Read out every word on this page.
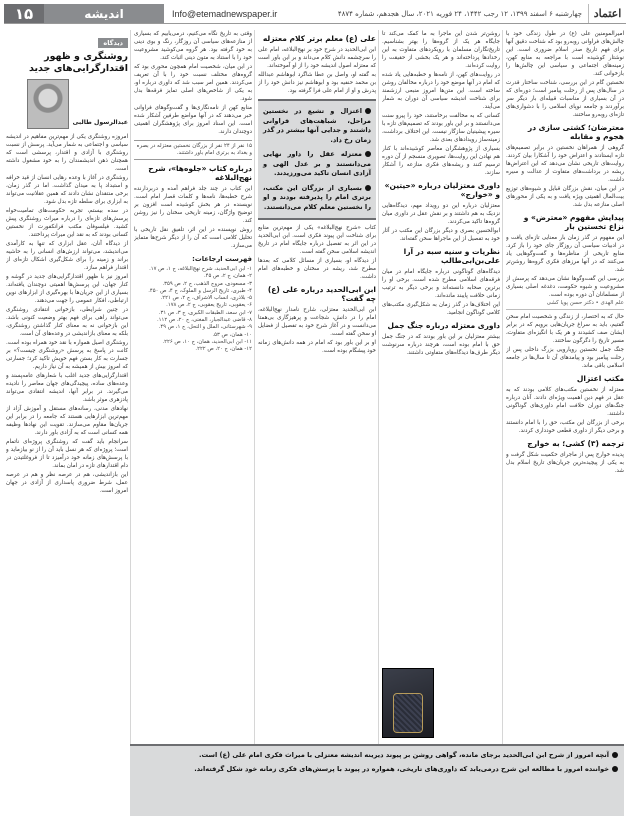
اعتماد
چهارشنبه ۶ اسفند ۱۳۹۹، ۱۲ رجب ۱۴۴۲، ۲۴ فوریه ۲۰۲۱، سال هجدهم، شماره ۴۸۷۴
Info@etemadnewspaper.ir
اندیشه
۱۵

امیرالمومنین علی (ع) در طول زندگی خود با چالش‌های فراوانی روبه‌رو بود که شناخت دقیق آنها برای فهم تاریخ صدر اسلام ضروری است. این نوشتار کوشیده است با مراجعه به منابع کهن، زمینه‌های اجتماعی و سیاسی این چالش‌ها را بازخوانی کند.

نخستین گام در این بررسی، شناخت ساختار قدرت در سال‌های پس از رحلت پیامبر است؛ دوره‌ای که در آن بسیاری از مناسبات قبیله‌ای بار دیگر سر برآوردند و جامعه نوپای اسلامی را با دشواری‌های تازه‌ای روبه‌رو ساختند.

معترضان؛ کشتی سازی در هجوم و مقابله

گروهی از همراهان نخستین در برابر تصمیم‌های تازه ایستادند و اعتراض خود را آشکارا بیان کردند. روایت‌های تاریخی نشان می‌دهد که این اعتراض‌ها ریشه در برداشت‌های متفاوت از عدالت و سیره داشت.

در این میان، نقش بزرگان قبایل و شیوه‌های توزیع بیت‌المال اهمیتی ویژه یافت و به یکی از محورهای اصلی منازعه بدل شد.

پیدایش مفهوم «معترض» و نزاع تخستین بار

این مفهوم در گذر زمان بار معنایی تازه‌ای یافت و در ادبیات سیاسی آن روزگار جای خود را باز کرد. منابع تاریخی از مناظره‌ها و گفت‌وگوهایی یاد می‌کنند که در آنها مرزهای فکری گروه‌ها روشن‌تر شد.

بررسی این گفت‌وگوها نشان می‌دهد که پرسش از مشروعیت و شیوه حکومت، دغدغه اصلی بسیاری از مسلمانان آن دوره بوده است.

علم الهدی • دکتر حسن پویا کشی

حال که به اختصار، از زندگی و شخصیت امام سخن گفتیم، باید به سراغ جریان‌هایی برویم که در برابر ایشان صف کشیدند و هر یک با انگیزه‌ای متفاوت، مسیر تاریخ را دگرگون ساختند.

جنگ جمل نخستین رویارویی بزرگ داخلی پس از رحلت پیامبر بود و پیامدهای آن تا سال‌ها در جامعه اسلامی باقی ماند.

مکتب اعتزال

معتزله از نخستین مکتب‌های کلامی بودند که به عقل در فهم دین اهمیت ویژه‌ای دادند. آنان درباره جنگ‌های دوران خلافت امام داوری‌های گوناگونی داشتند.

برخی از بزرگان این مکتب، حق را با امام دانستند و برخی دیگر از داوری قطعی خودداری کردند.

ترجمه (۳) کشی؛ به خوارج

پدیده خوارج پس از ماجرای حکمیت شکل گرفت و به یکی از پیچیده‌ترین جریان‌های تاریخ اسلام بدل شد.

روشن‌تر شدن این ماجرا به ما کمک می‌کند تا جایگاه هر یک از گروه‌ها را بهتر بشناسیم. تاریخ‌نگاران مسلمان با رویکردهای متفاوت به این رخدادها پرداخته‌اند و هر یک بخشی از حقیقت را روایت کرده‌اند.

در روایت‌های کهن، از نامه‌ها و خطبه‌هایی یاد شده که امام در آنها موضع خود را درباره مخالفان روشن ساخته است. این متن‌ها امروز منبعی ارزشمند برای شناخت اندیشه سیاسی آن دوران به شمار می‌آیند.

کسانی که به مخالفت برخاستند، خود را پیرو سنت می‌دانستند و بر این باور بودند که تصمیم‌های تازه با سیره پیشینیان سازگار نیست. این اختلاف برداشت، زمینه‌ساز رویدادهای بعدی شد.

بسیاری از پژوهشگران معاصر کوشیده‌اند با کنار هم نهادن این روایت‌ها، تصویری منسجم از آن دوره ترسیم کنند و ریشه‌های فکری منازعه را آشکار سازند.

داوری معتزلیان درباره «حیتین» و «خوارج»

معتزلیان درباره این دو رویداد مهم، دیدگاه‌هایی نزدیک به هم داشتند و بر نقش عقل در داوری میان گروه‌ها تاکید می‌کردند.

ابوالحسین بصری و دیگر بزرگان این مکتب در آثار خود به تفصیل از این ماجراها سخن گفته‌اند.

نظریات و سنیه سبه در آرا علی‌بن‌ابی‌طالب

دیدگاه‌های گوناگونی درباره جایگاه امام در میان فرقه‌های اسلامی مطرح شده است. برخی او را برترین صحابه دانسته‌اند و برخی دیگر به ترتیب زمانی خلافت پایبند مانده‌اند.

این اختلاف‌ها در گذر زمان به شکل‌گیری مکتب‌های کلامی گوناگون انجامید.

داوری معتزله درباره جنگ جمل

بیشتر معتزلیان بر این باور بودند که در جنگ جمل حق با امام بوده است، هرچند درباره سرنوشت دیگر طرف‌ها دیدگاه‌های متفاوتی داشتند.

علی (ع) معلم برتر کلام معتزله

ابن ابی‌الحدید در شرح خود بر نهج‌البلاغه، امام علی را سرچشمه دانش کلام می‌داند و بر این باور است که معتزله اصول اندیشه خود را از او آموخته‌اند.

به گفته او، واصل بن عطا شاگرد ابوهاشم عبدالله بن محمد حنفیه بود و ابوهاشم نیز دانش خود را از پدرش و او از امام علی فرا گرفته بود.

اعتزال و تشیع در نخستین مراحل، شباهت‌های فراوانی داشتند و جدایی آنها بیشتر در گذر زمان رخ داد.
معتزله عقل را داور نهایی می‌دانستند و بر عدل الهی و آزادی انسان تاکید می‌ورزیدند.
بسیاری از بزرگان این مکتب، برتری امام را پذیرفته بودند و او را نخستین معلم کلام می‌دانستند.

کتاب «شرح نهج‌البلاغه» یکی از مهم‌ترین منابع برای شناخت این پیوند فکری است. ابن ابی‌الحدید در این اثر به تفصیل درباره جایگاه امام در تاریخ اندیشه اسلامی سخن گفته است.

از دیدگاه او، بسیاری از مسائل کلامی که بعدها مطرح شد، ریشه در سخنان و خطبه‌های امام داشت.

ابن ابی‌الحدید درباره علی (ع) چه گفت؟

ابن ابی‌الحدید معتزلی، شارح نامدار نهج‌البلاغه، امام را در دانش، شجاعت و پرهیزگاری بی‌همتا می‌دانست و در آغاز شرح خود به تفصیل از فضایل او سخن گفته است.

او بر این باور بود که امام در همه دانش‌های زمانه خود پیشگام بوده است.

وقتی به تاریخ نگاه می‌کنیم، درمی‌یابیم که بسیاری از منازعه‌های سیاسی آن روزگار، رنگ و بوی دینی به خود گرفته بود. هر گروه می‌کوشید مشروعیت خود را با استناد به متون دینی اثبات کند.

در این میان، شخصیت امام همچون محوری بود که گروه‌های مختلف نسبت خود را با آن تعریف می‌کردند. همین امر سبب شد که داوری درباره او، به یکی از شاخص‌های اصلی تمایز فرقه‌ها بدل شود.

منابع کهن از نامه‌نگاری‌ها و گفت‌وگوهای فراوانی خبر می‌دهند که در آنها مواضع طرفین آشکار شده است. این اسناد امروز برای پژوهشگران اهمیتی دوچندان دارند.

۱۵ نفر از ۲۴ نفر از بزرگان نخستین معتزله در بصره و بغداد به برتری امام باور داشتند.
درباره کتاب «جلوه‌ها»، شرح نهج‌البلاغه

این کتاب در چند جلد فراهم آمده و دربردارنده شرح خطبه‌ها، نامه‌ها و کلمات قصار امام است. نویسنده در هر بخش کوشیده است افزون بر توضیح واژگان، زمینه تاریخی سخنان را نیز روشن کند.

روش نویسنده در این اثر، تلفیق نقل تاریخی با تحلیل کلامی است که آن را از دیگر شرح‌ها متمایز می‌سازد.

فهرست ارجاعات:
۱- ابن ابی‌الحدید، شرح نهج‌البلاغه، ج ۱، ص ۱۷.
۲- همان، ج ۲، ص ۴۵.
۳- مسعودی، مروج الذهب، ج ۲، ص ۳۵۹.
۴- طبری، تاریخ الرسل و الملوک، ج ۴، ص ۴۵۰.
۵- بلاذری، انساب الاشراف، ج ۲، ص ۲۲۱.
۶- یعقوبی، تاریخ یعقوبی، ج ۲، ص ۱۷۸.
۷- ابن سعد، الطبقات الکبری، ج ۳، ص ۳۱.
۸- قاضی عبدالجبار، المغنی، ج ۲۰، ص ۱۱۲.
۹- شهرستانی، الملل و النحل، ج ۱، ص ۴۹.
۱۰- همان، ص ۵۳.
۱۱- ابن ابی‌الحدید، همان، ج ۱۰، ص ۲۲۶.
۱۲- همان، ج ۲۰، ص ۲۲۲.
آنچه امروز از شرح ابن ابی‌الحدید برجای مانده، گواهی روشن بر پیوند دیرینه اندیشه معتزلی با میراث فکری امام علی (ع) است.
خواننده امروز با مطالعه این شرح درمی‌یابد که داوری‌های تاریخی، همواره در پیوند با پرسش‌های فکری زمانه خود شکل گرفته‌اند.
دیدگاه
روشنگری و ظهور اقتدارگرایی‌های جدید
عبدالرسول طالبی

امروزه روشنگری یکی از مهم‌ترین مفاهیم در اندیشه سیاسی و اجتماعی به شمار می‌آید. پرسش از نسبت روشنگری با آزادی و اقتدار، پرسشی است که همچنان ذهن اندیشمندان را به خود مشغول داشته است.

روشنگری در آغاز با وعده رهایی انسان از قید خرافه و استبداد پا به میدان گذاشت. اما در گذر زمان، برخی منتقدان نشان دادند که همین عقلانیت می‌تواند به ابزاری برای سلطه تازه بدل شود.

در سده بیستم، تجربه حکومت‌های تمامیت‌خواه پرسش‌های تازه‌ای را درباره میراث روشنگری پیش کشید. فیلسوفان مکتب فرانکفورت از نخستین کسانی بودند که به نقد این میراث پرداختند.

از دیدگاه آنان، عقل ابزاری که تنها به کارآمدی می‌اندیشد، می‌تواند ارزش‌های انسانی را به حاشیه براند و زمینه را برای شکل‌گیری اشکال تازه‌ای از اقتدار فراهم سازد.

امروز نیز با ظهور اقتدارگرایی‌های جدید در گوشه و کنار جهان، این پرسش‌ها اهمیتی دوچندان یافته‌اند. بسیاری از این جریان‌ها با بهره‌گیری از ابزارهای نوین ارتباطی، افکار عمومی را جهت می‌دهند.

در چنین شرایطی، بازخوانی انتقادی روشنگری می‌تواند راهی برای فهم بهتر وضعیت کنونی باشد. این بازخوانی نه به معنای کنار گذاشتن روشنگری، بلکه به معنای بازاندیشی در وعده‌های آن است.

روشنگری اصیل همواره با نقد خود همراه بوده است. کانت در پاسخ به پرسش «روشنگری چیست؟» بر جسارت به کار بستن فهم خویش تاکید کرد؛ جسارتی که امروز بیش از همیشه به آن نیاز داریم.

اقتدارگرایی‌های جدید اغلب با شعارهای عامه‌پسند و وعده‌های ساده، پیچیدگی‌های جهان معاصر را نادیده می‌گیرند. در برابر آنها، اندیشه انتقادی می‌تواند پادزهری موثر باشد.

نهادهای مدنی، رسانه‌های مستقل و آموزش آزاد از مهم‌ترین ابزارهایی هستند که جامعه را در برابر این جریان‌ها مقاوم می‌سازند. تقویت این نهادها وظیفه همه کسانی است که به آزادی باور دارند.

سرانجام باید گفت که روشنگری پروژه‌ای ناتمام است؛ پروژه‌ای که هر نسل باید آن را از نو بیازماید و با پرسش‌های زمانه خود درآمیزد تا از فروغلتیدن در دام اقتدارهای تازه در امان بماند.

این بازاندیشی، هم در عرصه نظر و هم در عرصه عمل، شرط ضروری پاسداری از آزادی در جهان امروز است.
